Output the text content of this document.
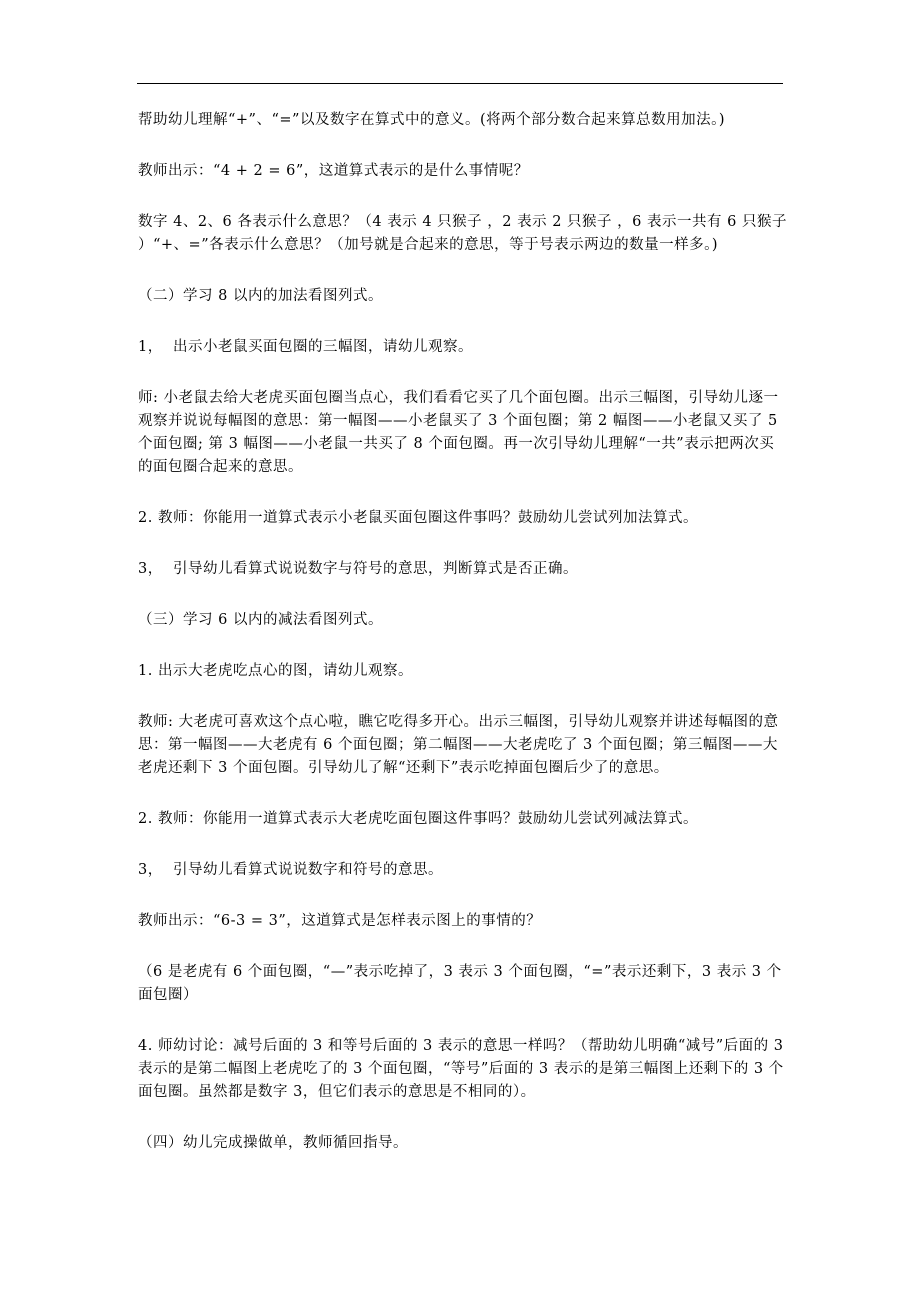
帮助幼儿理解“+”、“=”以及数字在算式中的意义。(将两个部分数合起来算总数用加法。)

教师出示：“4 + 2 = 6”，这道算式表示的是什么事情呢？

数字 4、2、6 各表示什么意思？（4 表示 4 只猴子 ，2 表示 2 只猴子 ，6 表示一共有 6 只猴子 ）“+、=”各表示什么意思？（加号就是合起来的意思，等于号表示两边的数量一样多。)

（二）学习 8 以内的加法看图列式。

1，  出示小老鼠买面包圈的三幅图，请幼儿观察。

师: 小老鼠去给大老虎买面包圈当点心，我们看看它买了几个面包圈。出示三幅图，引导幼儿逐一观察并说说每幅图的意思：第一幅图——小老鼠买了 3 个面包圈；第 2 幅图——小老鼠又买了 5 个面包圈; 第 3 幅图——小老鼠一共买了 8 个面包圈。再一次引导幼儿理解“一共”表示把两次买的面包圈合起来的意思。

2. 教师：你能用一道算式表示小老鼠买面包圈这件事吗？鼓励幼儿尝试列加法算式。

3，  引导幼儿看算式说说数字与符号的意思，判断算式是否正确。

（三）学习 6 以内的减法看图列式。

1. 出示大老虎吃点心的图，请幼儿观察。

教师: 大老虎可喜欢这个点心啦，瞧它吃得多开心。出示三幅图，引导幼儿观察并讲述每幅图的意思：第一幅图——大老虎有 6 个面包圈；第二幅图——大老虎吃了 3 个面包圈；第三幅图——大老虎还剩下 3 个面包圈。引导幼儿了解“还剩下”表示吃掉面包圈后少了的意思。

2. 教师：你能用一道算式表示大老虎吃面包圈这件事吗？鼓励幼儿尝试列减法算式。

3，  引导幼儿看算式说说数字和符号的意思。

教师出示：“6-3 = 3”，这道算式是怎样表示图上的事情的？

（6 是老虎有 6 个面包圈，“—”表示吃掉了，3 表示 3 个面包圈，“=”表示还剩下，3 表示 3 个面包圈）

4. 师幼讨论：减号后面的 3 和等号后面的 3 表示的意思一样吗？（帮助幼儿明确“减号”后面的 3 表示的是第二幅图上老虎吃了的 3 个面包圈，“等号”后面的 3 表示的是第三幅图上还剩下的 3 个面包圈。虽然都是数字 3，但它们表示的意思是不相同的）。

（四）幼儿完成操做单，教师循回指导。
